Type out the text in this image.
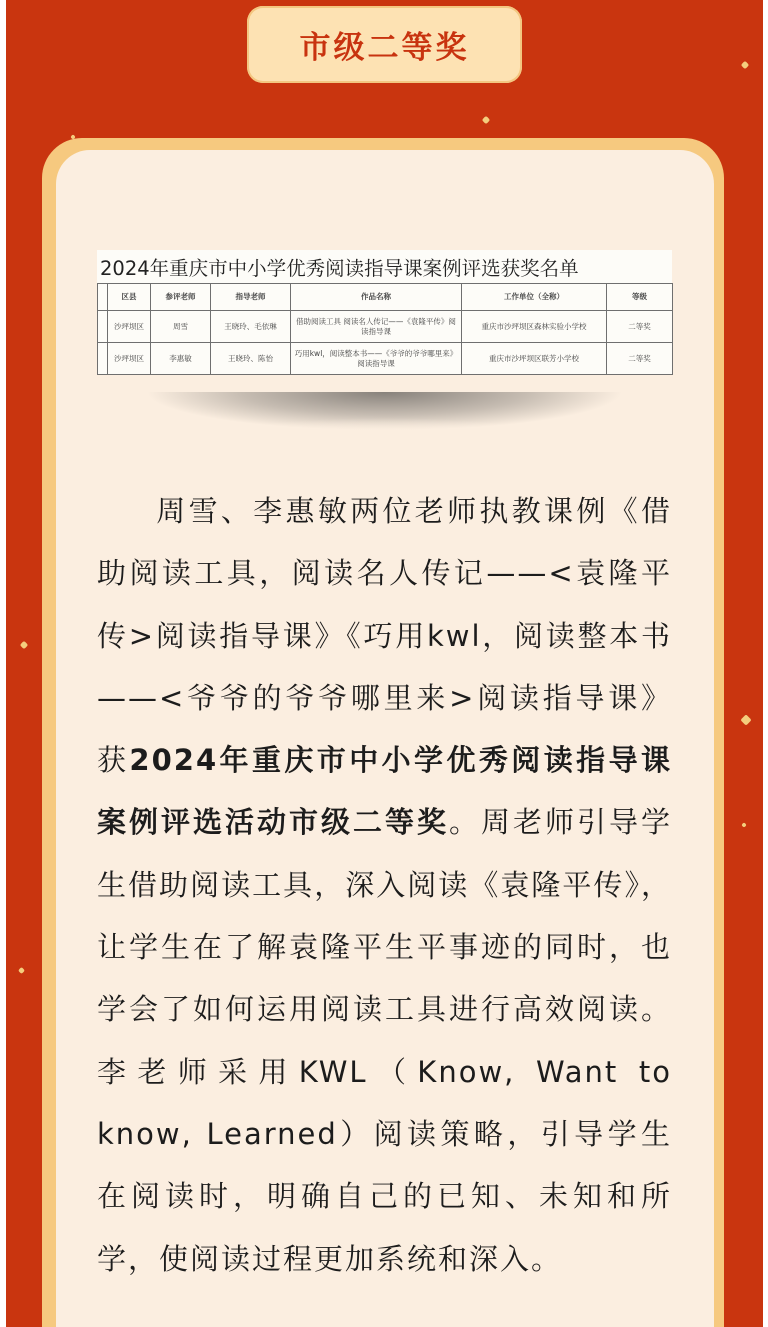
市级二等奖
2024年重庆市中小学优秀阅读指导课案例评选获奖名单
	区县	参评老师	指导老师	作品名称	工作单位（全称）	等级
	沙坪坝区	周雪	王晓玲、毛依琳	借助阅读工具 阅读名人传记——《袁隆平传》阅读指导课	重庆市沙坪坝区森林实验小学校	二等奖
	沙坪坝区	李惠敏	王晓玲、陈怡	巧用kwl，阅读整本书——《爷爷的爷爷哪里来》阅读指导课	重庆市沙坪坝区联芳小学校	二等奖
周雪、李惠敏两位老师执教课例《借助阅读工具，阅读名人传记——<袁隆平传>阅读指导课》《巧用kwl，阅读整本书——<爷爷的爷爷哪里来>阅读指导课》获2024年重庆市中小学优秀阅读指导课案例评选活动市级二等奖。周老师引导学生借助阅读工具，深入阅读《袁隆平传》，让学生在了解袁隆平生平事迹的同时，也学会了如何运用阅读工具进行高效阅读。李老师采用KWL（Know, Want to know, Learned）阅读策略，引导学生在阅读时，明确自己的已知、未知和所学，使阅读过程更加系统和深入。
